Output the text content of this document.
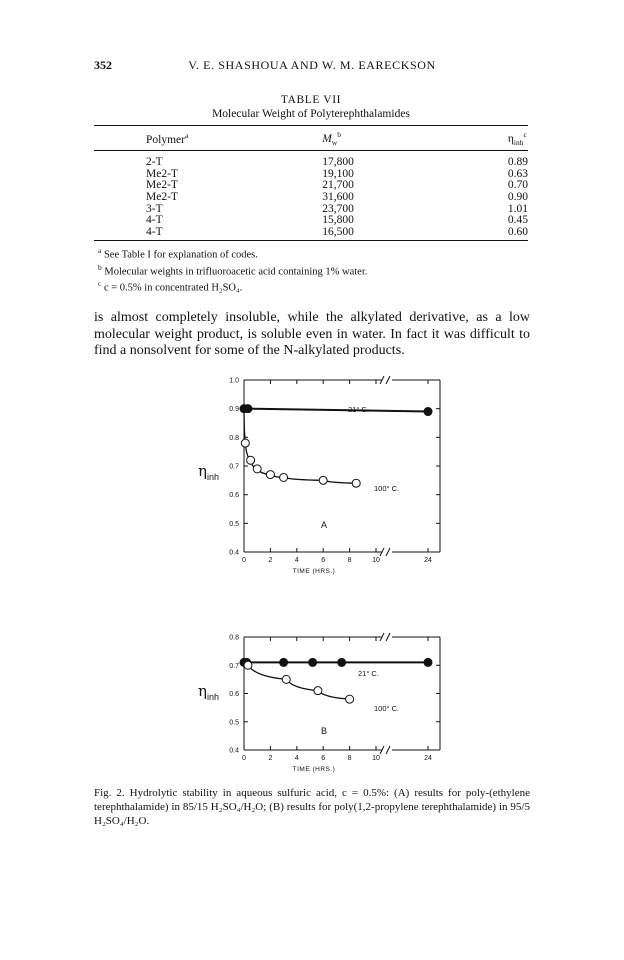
352	V. E. SHASHOUA AND W. M. EARECKSON
TABLE VII
Molecular Weight of Polyterephthalamides
Polymer$^a$	$M_w^b$	$\eta_{inh}^c$
2-T	17,800	0.89
Me2-T	19,100	0.63
Me2-T	21,700	0.70
Me2-T	31,600	0.90
3-T	23,700	1.01
4-T	15,800	0.45
4-T	16,500	0.60
$^a$ See Table I for explanation of codes.
$^b$ Molecular weights in trifluoroacetic acid containing 1% water.
$^c$ c = 0.5% in concentrated H₂SO₄.
is almost completely insoluble, while the alkylated derivative, as a low molecular weight product, is soluble even in water. In fact it was difficult to find a nonsolvent for some of the N-alkylated products.
0.4
0.5
0.6
0.7
0.8
0.9
1.0
0	2	4	6	8	10	24
TIME (HRS.)
ηinh
A
21° C.
100° C.
0.4
0.5
0.6
0.7
0.8
0	2	4	6	8	10	24
TIME (HRS.)
ηinh
B
21° C.
100° C.
Fig. 2. Hydrolytic stability in aqueous sulfuric acid, c = 0.5%: (A) results for poly-(ethylene terephthalamide) in 85/15 H₂SO₄/H₂O; (B) results for poly(1,2-propylene terephthalamide) in 95/5 H₂SO₄/H₂O.
